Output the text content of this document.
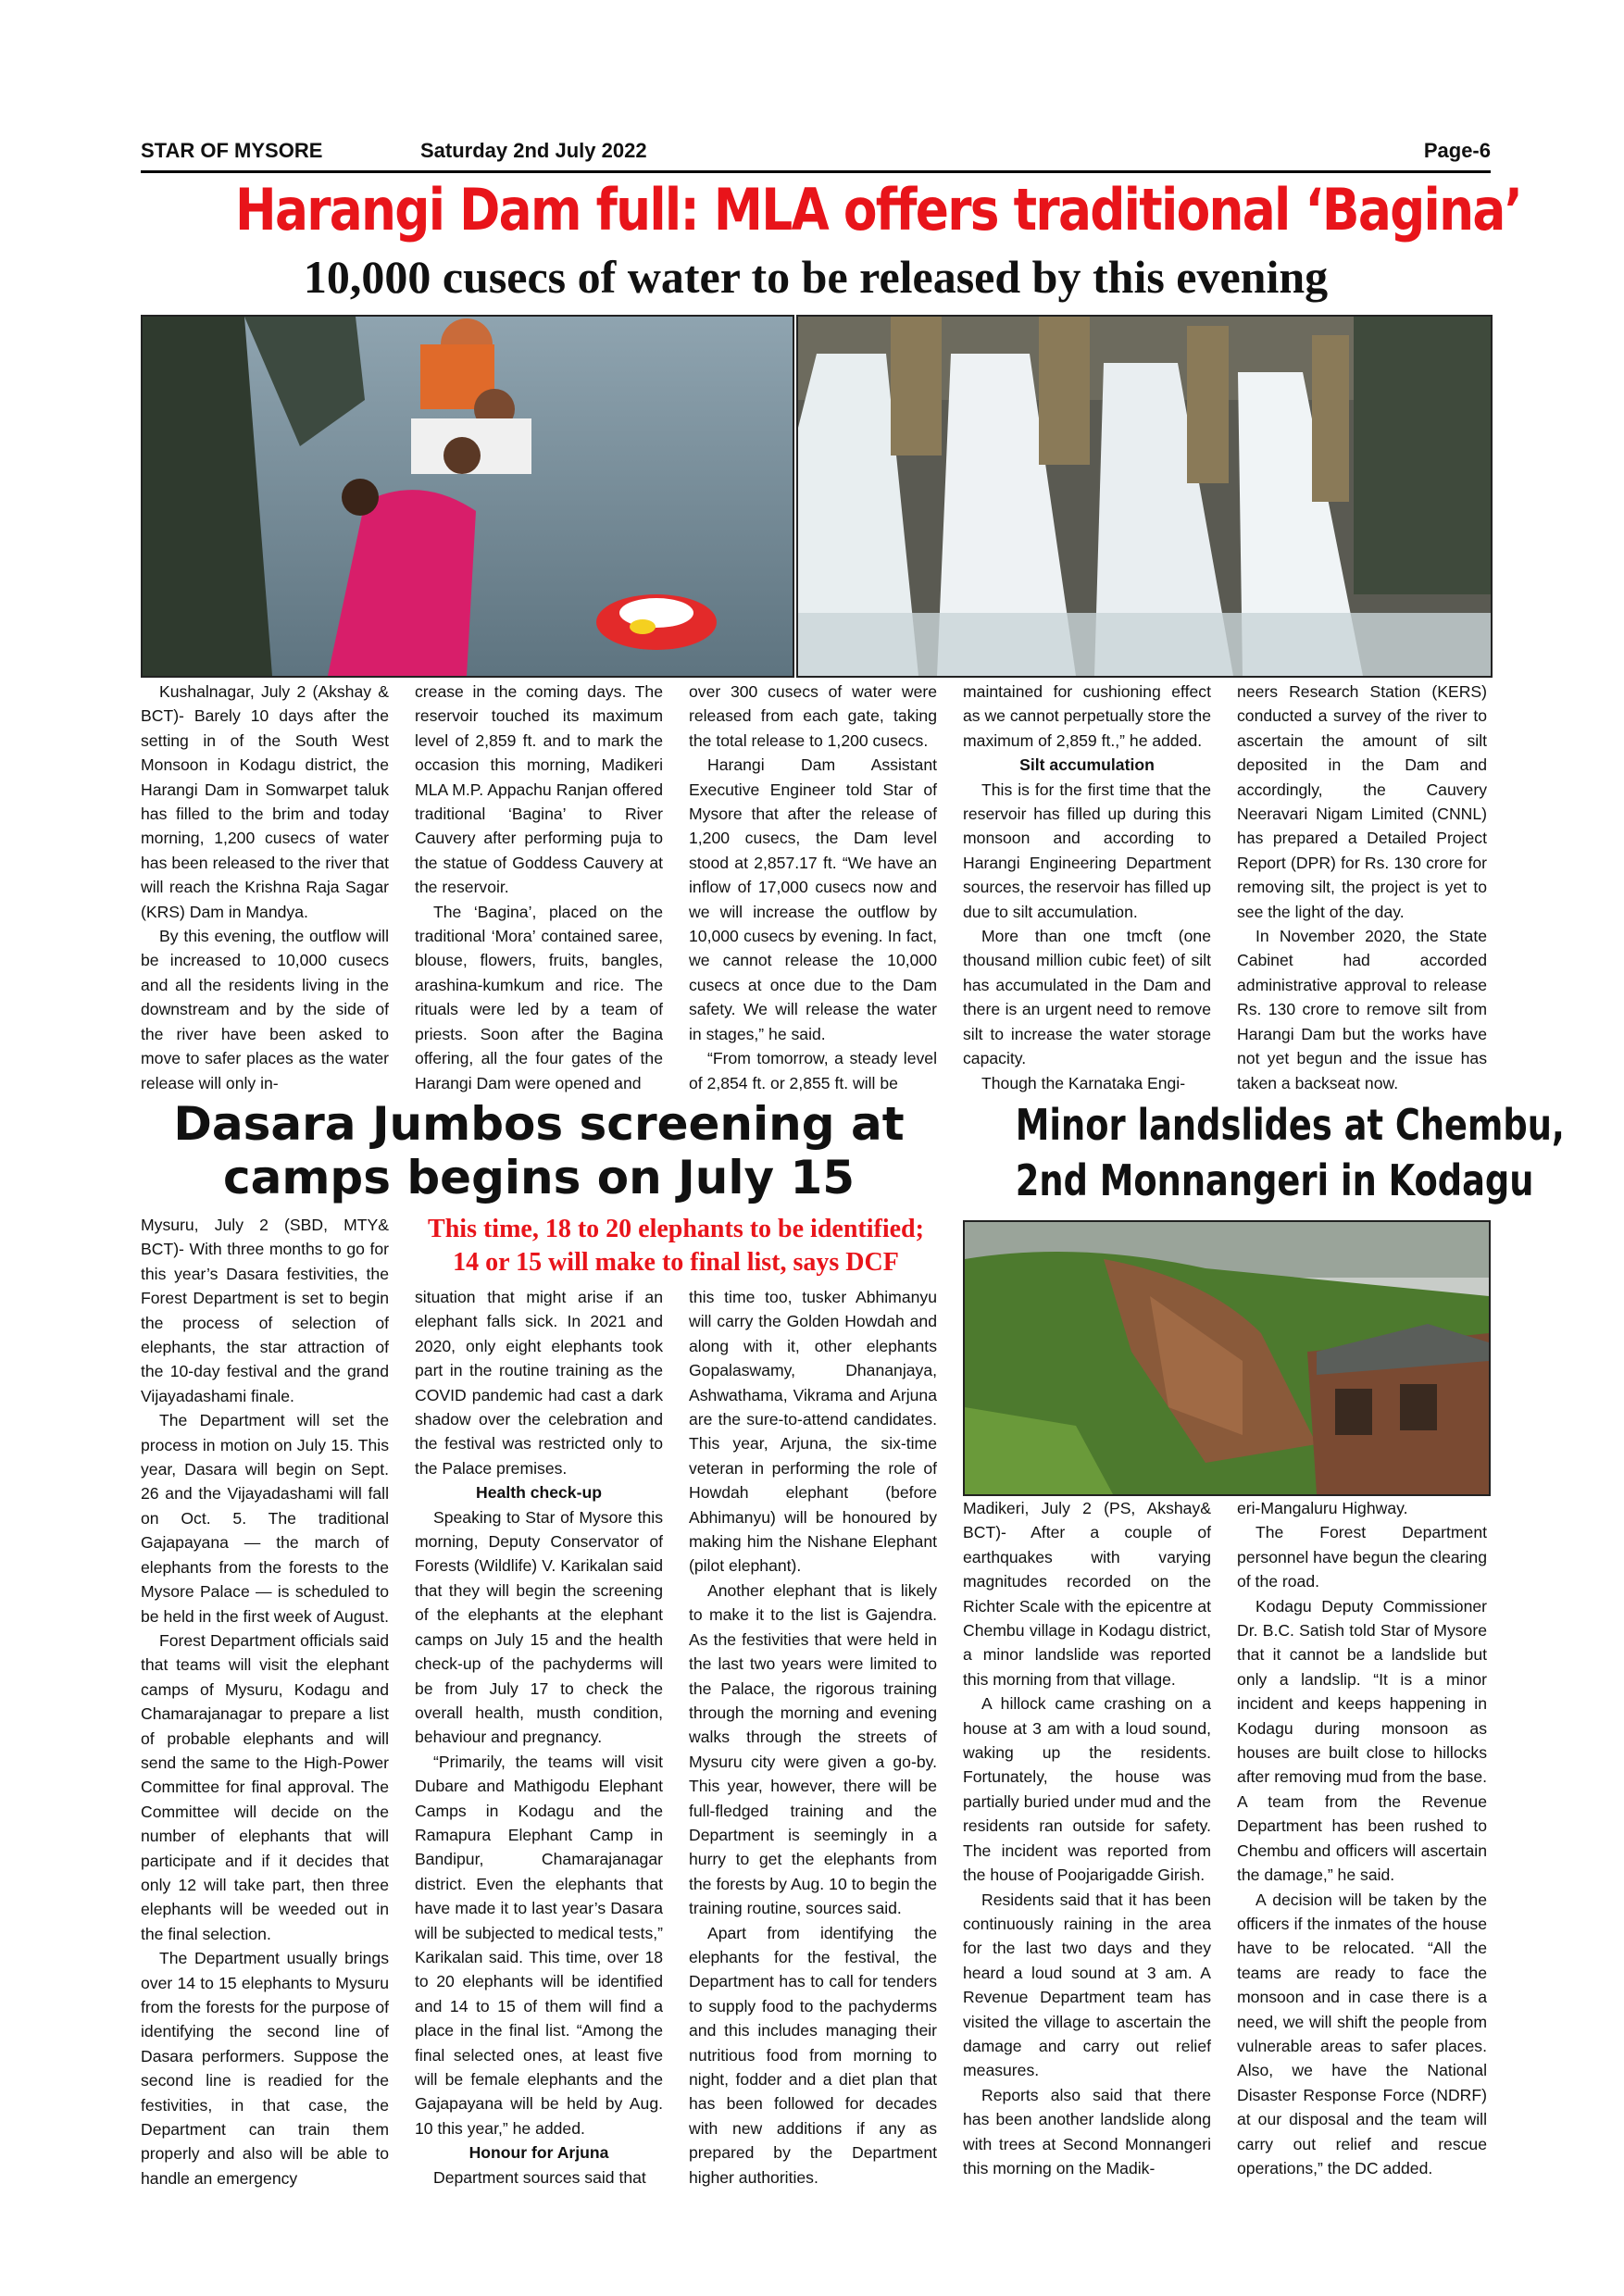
STAR OF MYSORE	Saturday 2nd July 2022	Page-6
Harangi Dam full: MLA offers traditional ‘Bagina’
10,000 cusecs of water to be released by this evening

Kushalnagar, July 2 (Akshay & BCT)- Barely 10 days after the setting in of the South West Monsoon in Kodagu district, the Harangi Dam in Somwarpet taluk has filled to the brim and today morning, 1,200 cusecs of water has been released to the river that will reach the Krishna Raja Sagar (KRS) Dam in Mandya.

By this evening, the outflow will be increased to 10,000 cusecs and all the residents living in the downstream and by the side of the river have been asked to move to safer places as the water release will only in-

crease in the coming days. The reservoir touched its maximum level of 2,859 ft. and to mark the occasion this morning, Madikeri MLA M.P. Appachu Ranjan offered traditional ‘Bagina’ to River Cauvery after performing puja to the statue of Goddess Cauvery at the reservoir.

The ‘Bagina’, placed on the traditional ‘Mora’ contained saree, blouse, flowers, fruits, bangles, arashina-kumkum and rice. The rituals were led by a team of priests. Soon after the Bagina offering, all the four gates of the Harangi Dam were opened and

over 300 cusecs of water were released from each gate, taking the total release to 1,200 cusecs.

Harangi Dam Assistant Executive Engineer told Star of Mysore that after the release of 1,200 cusecs, the Dam level stood at 2,857.17 ft. “We have an inflow of 17,000 cusecs now and we will increase the outflow by 10,000 cusecs by evening. In fact, we cannot release the 10,000 cusecs at once due to the Dam safety. We will release the water in stages,” he said.

“From tomorrow, a steady level of 2,854 ft. or 2,855 ft. will be

maintained for cushioning effect as we cannot perpetually store the maximum of 2,859 ft.,” he added.

Silt accumulation

This is for the first time that the reservoir has filled up during this monsoon and according to Harangi Engineering Department sources, the reservoir has filled up due to silt accumulation.

More than one tmcft (one thousand million cubic feet) of silt has accumulated in the Dam and there is an urgent need to remove silt to increase the water storage capacity.

Though the Karnataka Engi-

neers Research Station (KERS) conducted a survey of the river to ascertain the amount of silt deposited in the Dam and accordingly, the Cauvery Neeravari Nigam Limited (CNNL) has prepared a Detailed Project Report (DPR) for Rs. 130 crore for removing silt, the project is yet to see the light of the day.

In November 2020, the State Cabinet had accorded administrative approval to release Rs. 130 crore to remove silt from Harangi Dam but the works have not yet begun and the issue has taken a backseat now.

Dasara Jumbos screening at
camps begins on July 15
This time, 18 to 20 elephants to be identified;
14 or 15 will make to final list, says DCF

Mysuru, July 2 (SBD, MTY& BCT)- With three months to go for this year’s Dasara festivities, the Forest Department is set to begin the process of selection of elephants, the star attraction of the 10-day festival and the grand Vijayadashami finale.

The Department will set the process in motion on July 15. This year, Dasara will begin on Sept. 26 and the Vijayadashami will fall on Oct. 5. The traditional Gajapayana — the march of elephants from the forests to the Mysore Palace — is scheduled to be held in the first week of August.

Forest Department officials said that teams will visit the elephant camps of Mysuru, Kodagu and Chamarajanagar to prepare a list of probable elephants and will send the same to the High-Power Committee for final approval. The Committee will decide on the number of elephants that will participate and if it decides that only 12 will take part, then three elephants will be weeded out in the final selection.

The Department usually brings over 14 to 15 elephants to Mysuru from the forests for the purpose of identifying the second line of Dasara performers. Suppose the second line is readied for the festivities, in that case, the Department can train them properly and also will be able to handle an emergency

situation that might arise if an elephant falls sick. In 2021 and 2020, only eight elephants took part in the routine training as the COVID pandemic had cast a dark shadow over the celebration and the festival was restricted only to the Palace premises.

Health check-up

Speaking to Star of Mysore this morning, Deputy Conservator of Forests (Wildlife) V. Karikalan said that they will begin the screening of the elephants at the elephant camps on July 15 and the health check-up of the pachyderms will be from July 17 to check the overall health, musth condition, behaviour and pregnancy.

“Primarily, the teams will visit Dubare and Mathigodu Elephant Camps in Kodagu and the Ramapura Elephant Camp in Bandipur, Chamarajanagar district. Even the elephants that have made it to last year’s Dasara will be subjected to medical tests,” Karikalan said. This time, over 18 to 20 elephants will be identified and 14 to 15 of them will find a place in the final list. “Among the final selected ones, at least five will be female elephants and the Gajapayana will be held by Aug. 10 this year,” he added.

Honour for Arjuna

Department sources said that

this time too, tusker Abhimanyu will carry the Golden Howdah and along with it, other elephants Gopalaswamy, Dhananjaya, Ashwathama, Vikrama and Arjuna are the sure-to-attend candidates. This year, Arjuna, the six-time veteran in performing the role of Howdah elephant (before Abhimanyu) will be honoured by making him the Nishane Elephant (pilot elephant).

Another elephant that is likely to make it to the list is Gajendra. As the festivities that were held in the last two years were limited to the Palace, the rigorous training through the morning and evening walks through the streets of Mysuru city were given a go-by. This year, however, there will be full-fledged training and the Department is seemingly in a hurry to get the elephants from the forests by Aug. 10 to begin the training routine, sources said.

Apart from identifying the elephants for the festival, the Department has to call for tenders to supply food to the pachyderms and this includes managing their nutritious food from morning to night, fodder and a diet plan that has been followed for decades with new additions if any as prepared by the Department higher authorities.

Minor landslides at Chembu,
2nd Monnangeri in Kodagu

Madikeri, July 2 (PS, Akshay& BCT)- After a couple of earthquakes with varying magnitudes recorded on the Richter Scale with the epicentre at Chembu village in Kodagu district, a minor landslide was reported this morning from that village.

A hillock came crashing on a house at 3 am with a loud sound, waking up the residents. Fortunately, the house was partially buried under mud and the residents ran outside for safety. The incident was reported from the house of Poojarigadde Girish.

Residents said that it has been continuously raining in the area for the last two days and they heard a loud sound at 3 am. A Revenue Department team has visited the village to ascertain the damage and carry out relief measures.

Reports also said that there has been another landslide along with trees at Second Monnangeri this morning on the Madik-

eri-Mangaluru Highway.

The Forest Department personnel have begun the clearing of the road.

Kodagu Deputy Commissioner Dr. B.C. Satish told Star of Mysore that it cannot be a landslide but only a landslip. “It is a minor incident and keeps happening in Kodagu during monsoon as houses are built close to hillocks after removing mud from the base. A team from the Revenue Department has been rushed to Chembu and officers will ascertain the damage,” he said.

A decision will be taken by the officers if the inmates of the house have to be relocated. “All the teams are ready to face the monsoon and in case there is a need, we will shift the people from vulnerable areas to safer places. Also, we have the National Disaster Response Force (NDRF) at our disposal and the team will carry out relief and rescue operations,” the DC added.
